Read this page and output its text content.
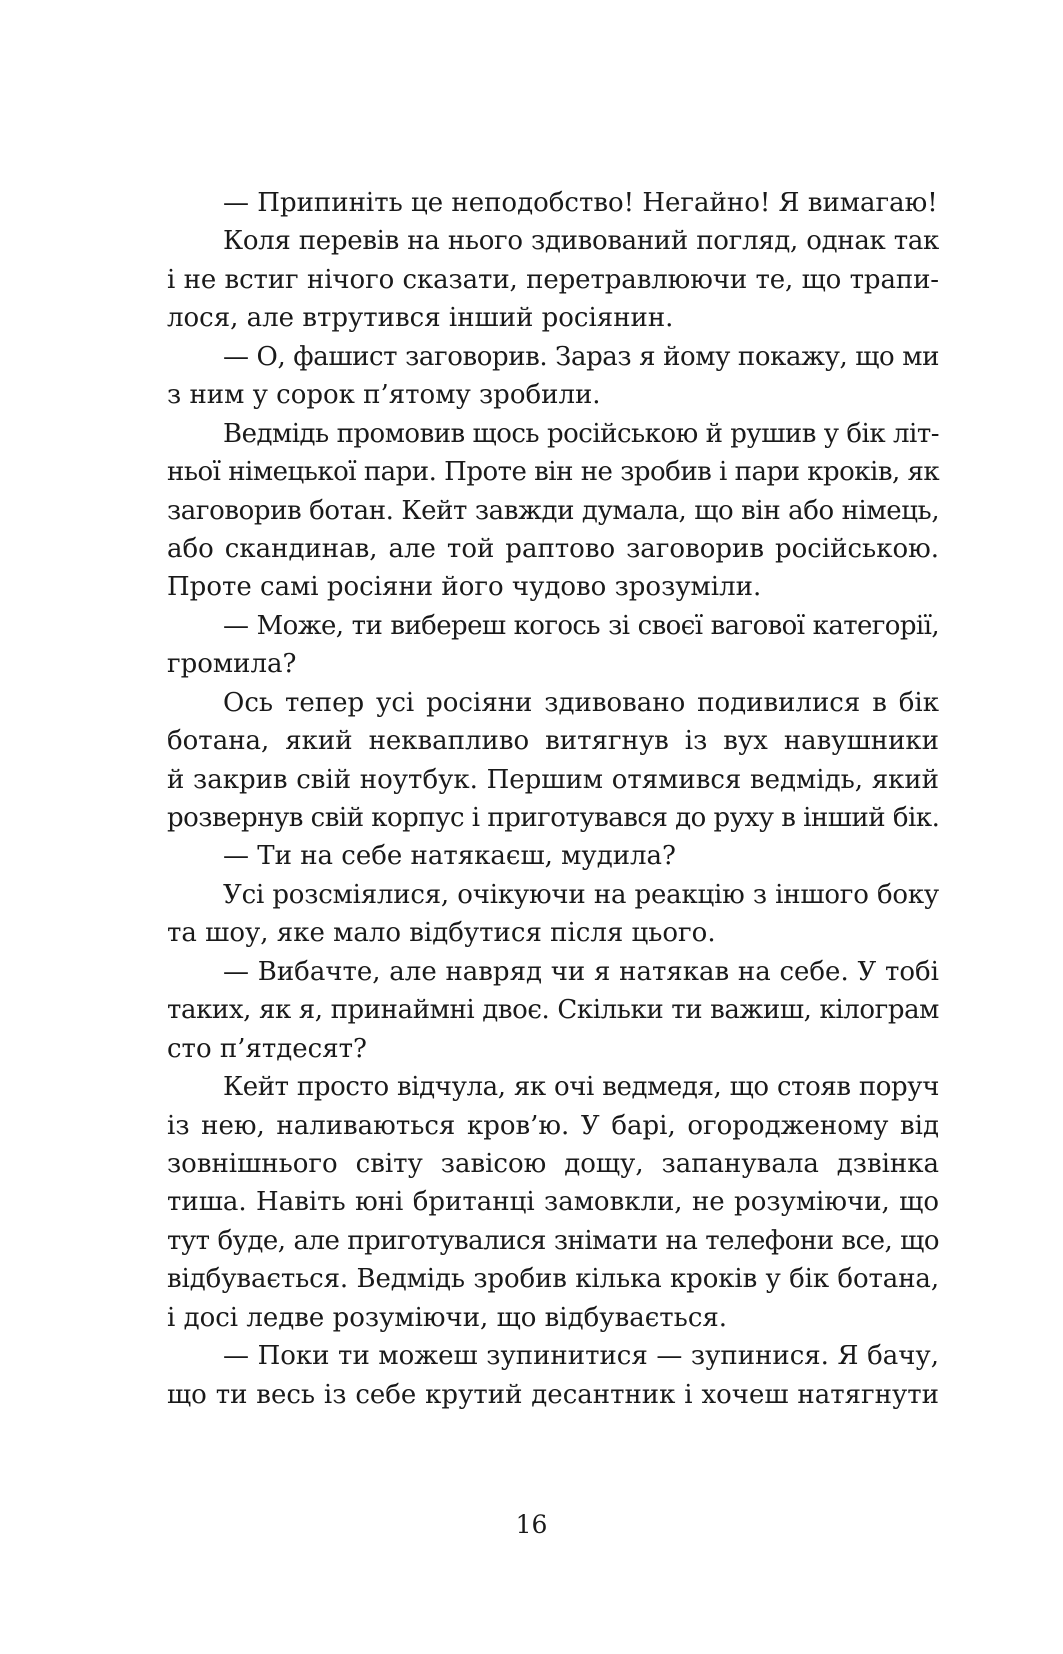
— Припиніть це неподобство! Негайно! Я вимагаю!
Коля перевів на нього здивований погляд, однак так
і не встиг нічого сказати, перетравлюючи те, що трапи-
лося, але втрутився інший росіянин.
— О, фашист заговорив. Зараз я йому покажу, що ми
з ним у сорок п’ятому зробили.
Ведмідь промовив щось російською й рушив у бік літ-
ньої німецької пари. Проте він не зробив і пари кроків, як
заговорив ботан. Кейт завжди думала, що він або німець,
або скандинав, але той раптово заговорив російською.
Проте самі росіяни його чудово зрозуміли.
— Може, ти вибереш когось зі своєї вагової категорії,
громила?
Ось тепер усі росіяни здивовано подивилися в бік
ботана, який неквапливо витягнув із вух навушники
й закрив свій ноутбук. Першим отямився ведмідь, який
розвернув свій корпус і приготувався до руху в інший бік.
— Ти на себе натякаєш, мудила?
Усі розсміялися, очікуючи на реакцію з іншого боку
та шоу, яке мало відбутися після цього.
— Вибачте, але навряд чи я натякав на себе. У тобі
таких, як я, принаймні двоє. Скільки ти важиш, кілограм
сто п’ятдесят?
Кейт просто відчула, як очі ведмедя, що стояв поруч
із нею, наливаються кров’ю. У барі, огородженому від
зовнішнього світу завісою дощу, запанувала дзвінка
тиша. Навіть юні британці замовкли, не розуміючи, що
тут буде, але приготувалися знімати на телефони все, що
відбувається. Ведмідь зробив кілька кроків у бік ботана,
і досі ледве розуміючи, що відбувається.
— Поки ти можеш зупинитися — зупинися. Я бачу,
що ти весь із себе крутий десантник і хочеш натягнути
16
